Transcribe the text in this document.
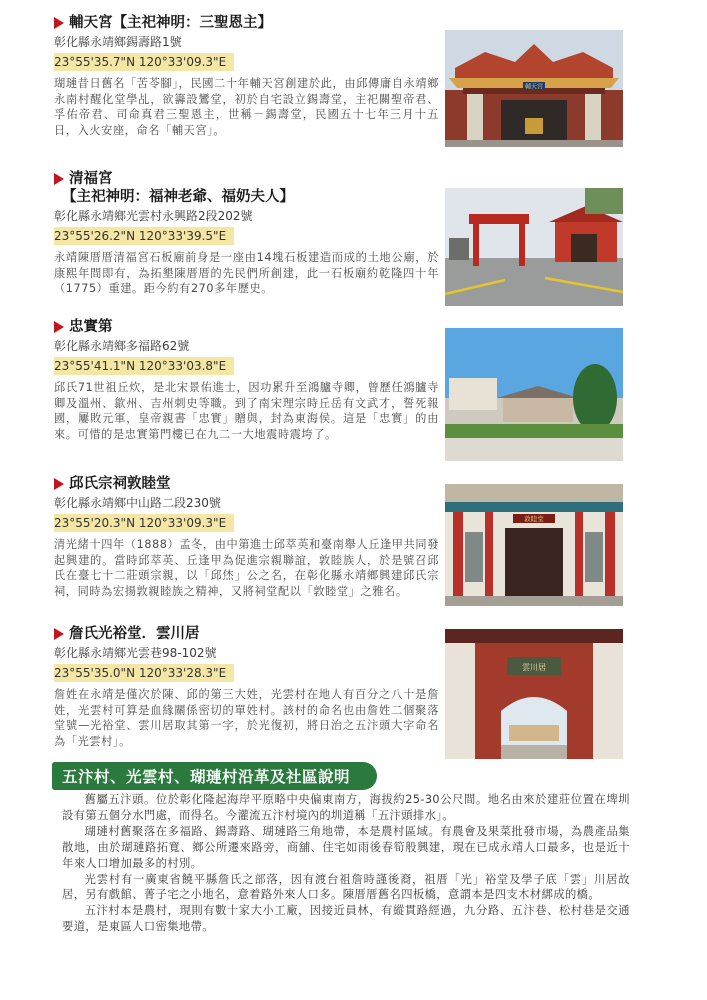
輔天宮【主祀神明：三聖恩主】
彰化縣永靖鄉錫壽路1號
23°55'35.7"N 120°33'09.3"E
瑚璉昔日舊名「苦苓腳」，民國二十年輔天宮創建於此，由邱傳庸自永靖鄉永南村醒化堂學乩，欲籌設鸞堂，初於自宅設立錫壽堂，主祀關聖帝君、孚佑帝君、司命真君三聖恩主，世稱－錫壽堂，民國五十七年三月十五日，入火安座，命名「輔天宮」。
輔天宮
清福宮
【主祀神明：福神老爺、福奶夫人】
彰化縣永靖鄉光雲村永興路2段202號
23°55'26.2"N 120°33'39.5"E
永靖陳厝厝清福宮石板廟前身是一座由14塊石板建造而成的土地公廟，於康熙年間即有，為拓墾陳厝厝的先民們所創建，此一石板廟約乾隆四十年（1775）重建。距今約有270多年歷史。
忠實第
彰化縣永靖鄉多福路62號
23°55'41.1"N 120°33'03.8"E
邱氏71世祖丘炊，是北宋景佑進士，因功累升至鴻臚寺卿，曾歷任鴻臚寺卿及溫州、歙州、吉州刺史等職。到了南宋理宗時丘岳有文武才，誓死報國，屢敗元軍，皇帝親書「忠實」贈與，封為東海侯。這是「忠實」的由來。可惜的是忠實第門樓已在九二一大地震時震垮了。
邱氏宗祠敦睦堂
彰化縣永靖鄉中山路二段230號
23°55'20.3"N 120°33'09.3"E
清光緒十四年（1888）孟冬，由中第進士邱萃英和臺南舉人丘逢甲共同發起興建的。當時邱萃英、丘逢甲為促進宗親聯誼，敦睦族人，於是號召邱氏在臺七十二莊頭宗親，以「邱烋」公之名，在彰化縣永靖鄉興建邱氏宗祠，同時為宏揚敦親睦族之精神，又將祠堂配以「敦睦堂」之雅名。
敦睦堂
詹氏光裕堂．雲川居
彰化縣永靖鄉光雲巷98-102號
23°55'35.0"N 120°33'28.3"E
詹姓在永靖是僅次於陳、邱的第三大姓，光雲村在地人有百分之八十是詹姓，光雲村可算是血緣關係密切的單姓村。該村的命名也由詹姓二個聚落堂號—光裕堂、雲川居取其第一字，於光復初，將日治之五汴頭大字命名為「光雲村」。
雲川居
五汴村、光雲村、瑚璉村沿革及社區說明

舊屬五汴頭。位於彰化隆起海岸平原略中央偏東南方，海拔約25-30公尺間。地名由來於建莊位置在埤圳設有第五個分水門處，而得名。今灌流五汴村境內的圳道稱「五汴頭排水」。

瑚璉村舊聚落在多福路、錫壽路、瑚璉路三角地帶，本是農村區域。有農會及果菜批發市場，為農產品集散地，由於瑚璉路拓寬、鄉公所遷來路旁，商舖、住宅如雨後春筍般興建，現在已成永靖人口最多，也是近十年來人口增加最多的村別。

光雲村有一廣東省饒平縣詹氏之部落，因有渡台祖詹時謹後裔，祖厝「光」裕堂及學子底「雲」川居故居，另有戲館、菁子宅之小地名，意着路外來人口多。陳厝厝舊名四板橋，意謂本是四支木材綁成的橋。

五汴村本是農村，現則有數十家大小工廠，因接近員林，有縱貫路經過，九分路、五汴巷、松村巷是交通要道，是東區人口密集地帶。
